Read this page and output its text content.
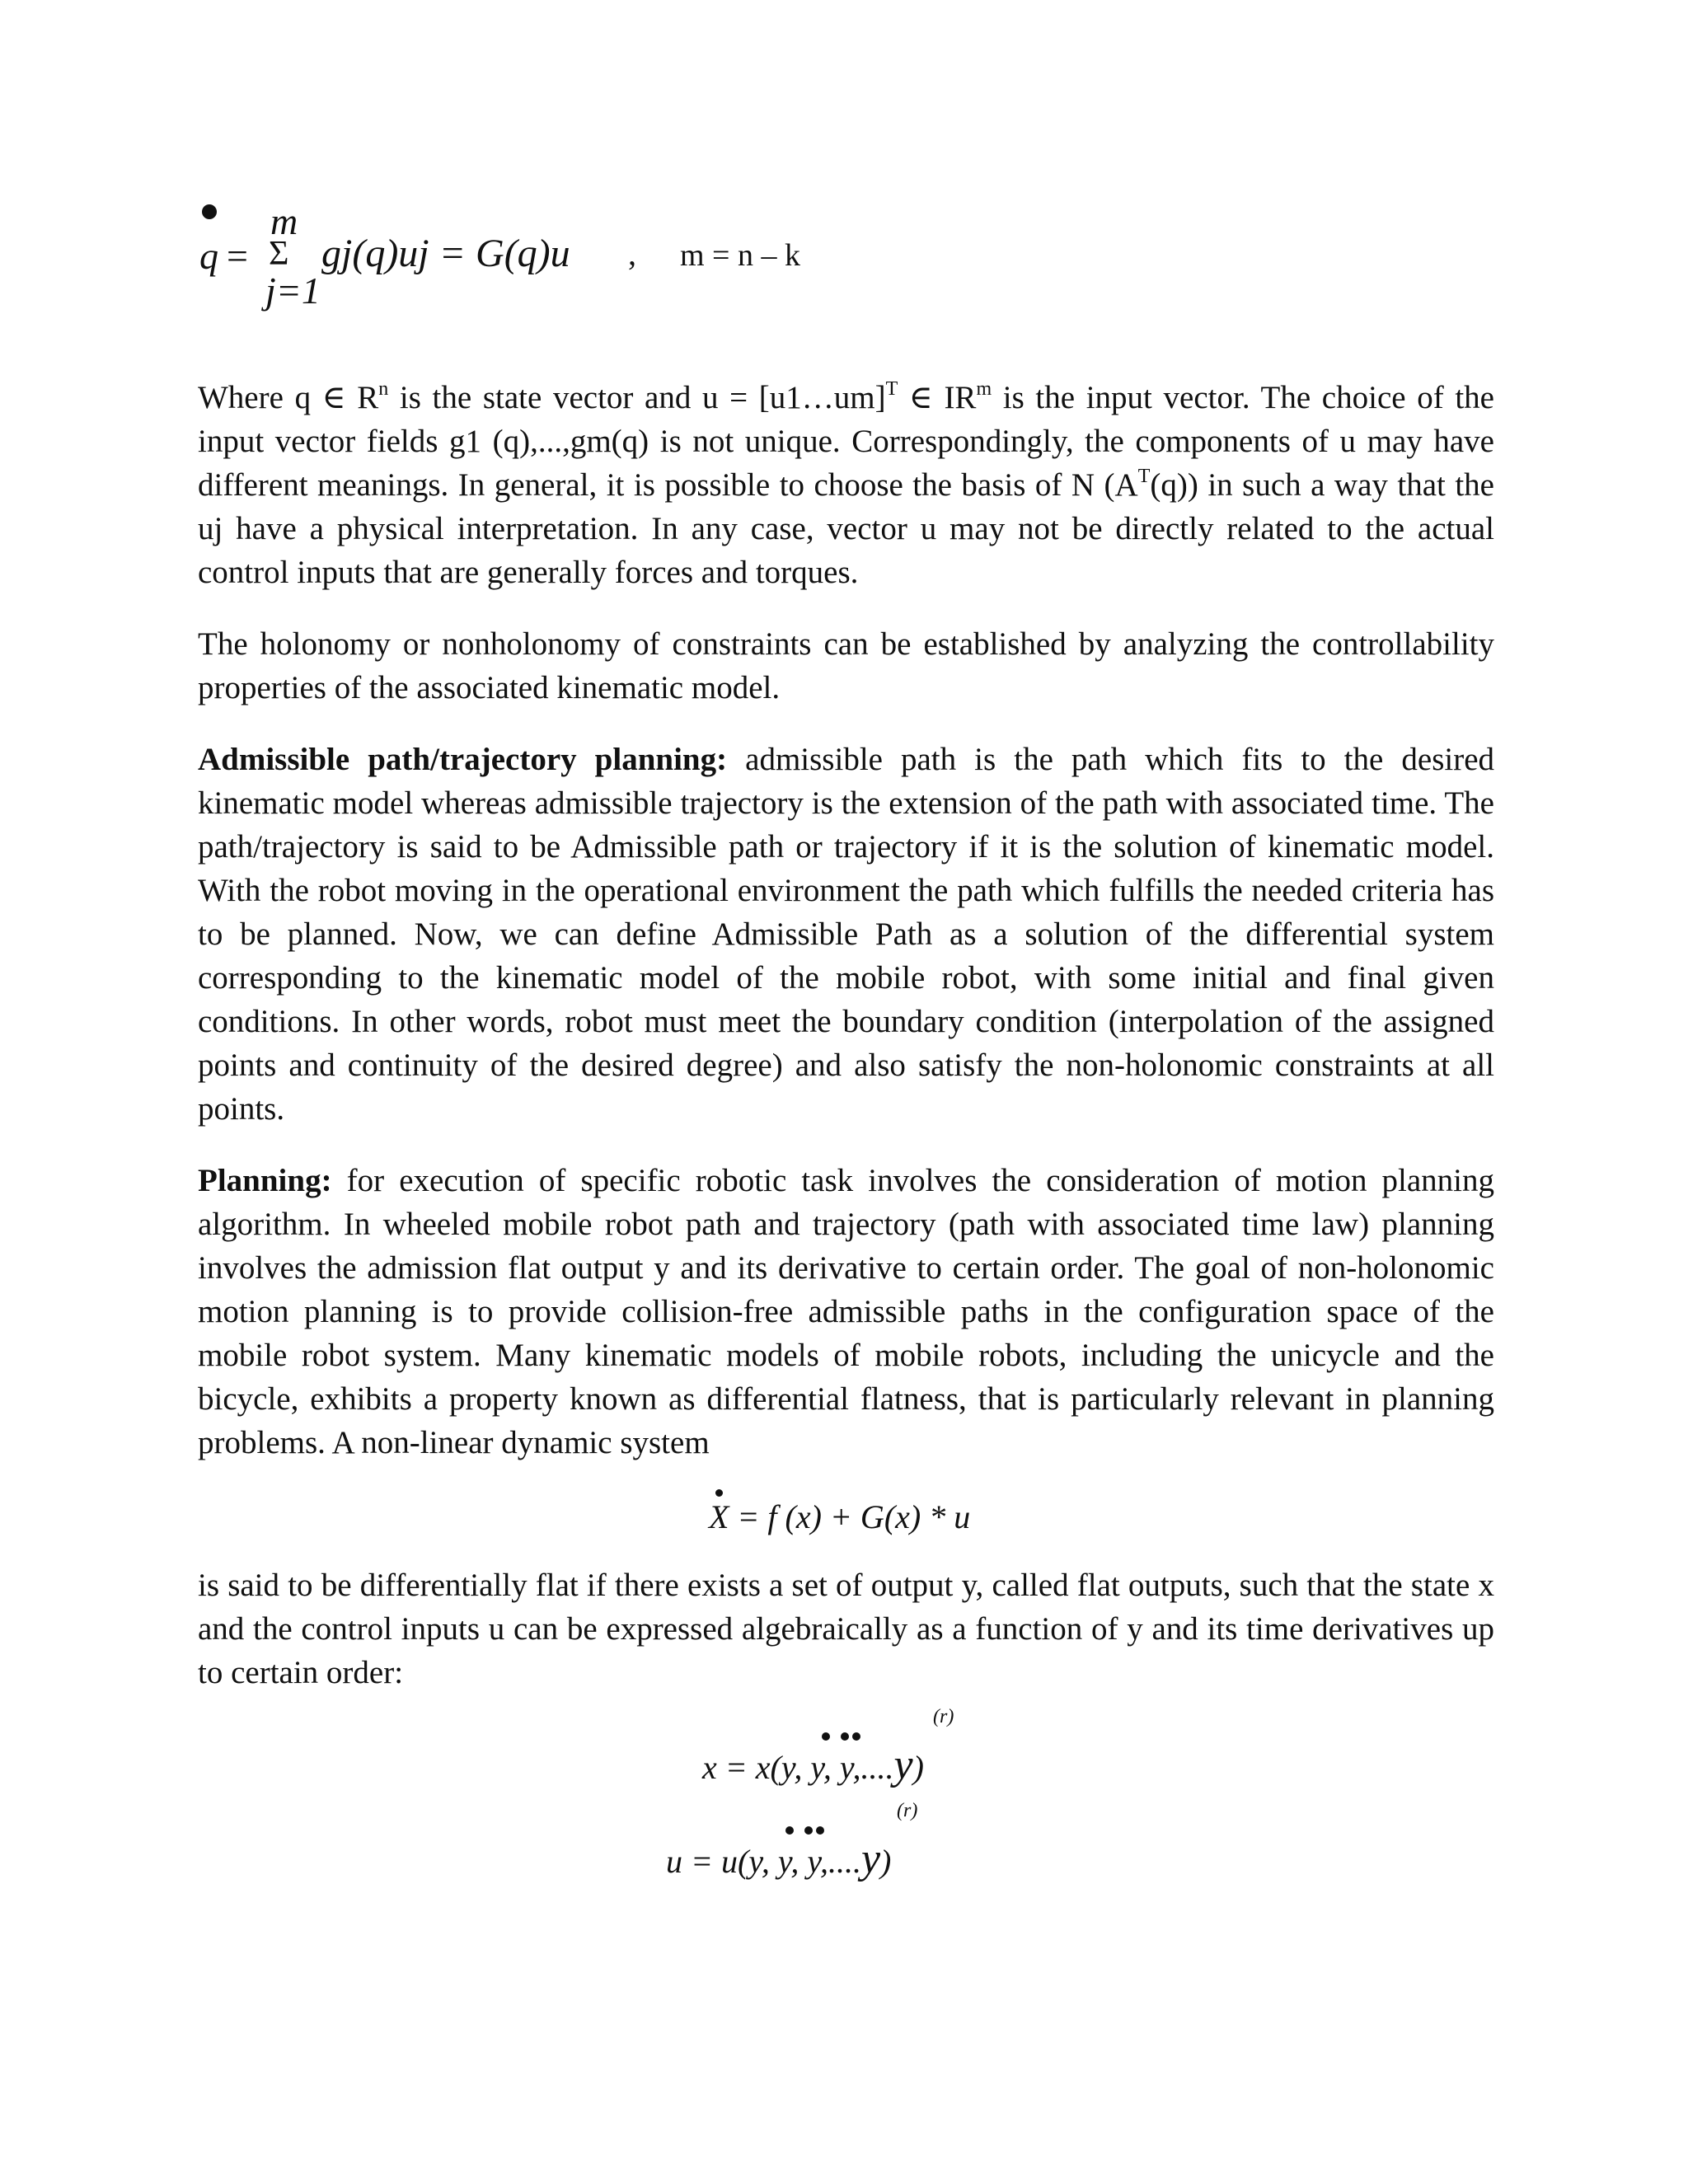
q =
m
Σ
j=1
gj(q)uj = G(q)u , m = n – k

Where q ∈ $R^n$ is the state vector and u = [u1…um]$^T$ ∈ $IR^m$ is the input vector. The choice of the input vector fields g1 (q),...,gm(q) is not unique. Correspondingly, the components of u may have different meanings. In general, it is possible to choose the basis of N $(A^T(q))$ in such a way that the uj have a physical interpretation. In any case, vector u may not be directly related to the actual control inputs that are generally forces and torques.

The holonomy or nonholonomy of constraints can be established by analyzing the controllability properties of the associated kinematic model.

Admissible path/trajectory planning: admissible path is the path which fits to the desired kinematic model whereas admissible trajectory is the extension of the path with associated time. The path/trajectory is said to be Admissible path or trajectory if it is the solution of kinematic model. With the robot moving in the operational environment the path which fulfills the needed criteria has to be planned. Now, we can define Admissible Path as a solution of the differential system corresponding to the kinematic model of the mobile robot, with some initial and final given conditions. In other words, robot must meet the boundary condition (interpolation of the assigned points and continuity of the desired degree) and also satisfy the non-holonomic constraints at all points.

Planning: for execution of specific robotic task involves the consideration of motion planning algorithm. In wheeled mobile robot path and trajectory (path with associated time law) planning involves the admission flat output y and its derivative to certain order. The goal of non-holonomic motion planning is to provide collision-free admissible paths in the configuration space of the mobile robot system. Many kinematic models of mobile robots, including the unicycle and the bicycle, exhibits a property known as differential flatness, that is particularly relevant in planning problems. A non-linear dynamic system

X = f (x) + G(x) * u

is said to be differentially flat if there exists a set of output y, called flat outputs, such that the state x and the control inputs u can be expressed algebraically as a function of y and its time derivatives up to certain order:

x = x(y, y, y,....y)
(r)
u = u(y, y, y,....y)
(r)
